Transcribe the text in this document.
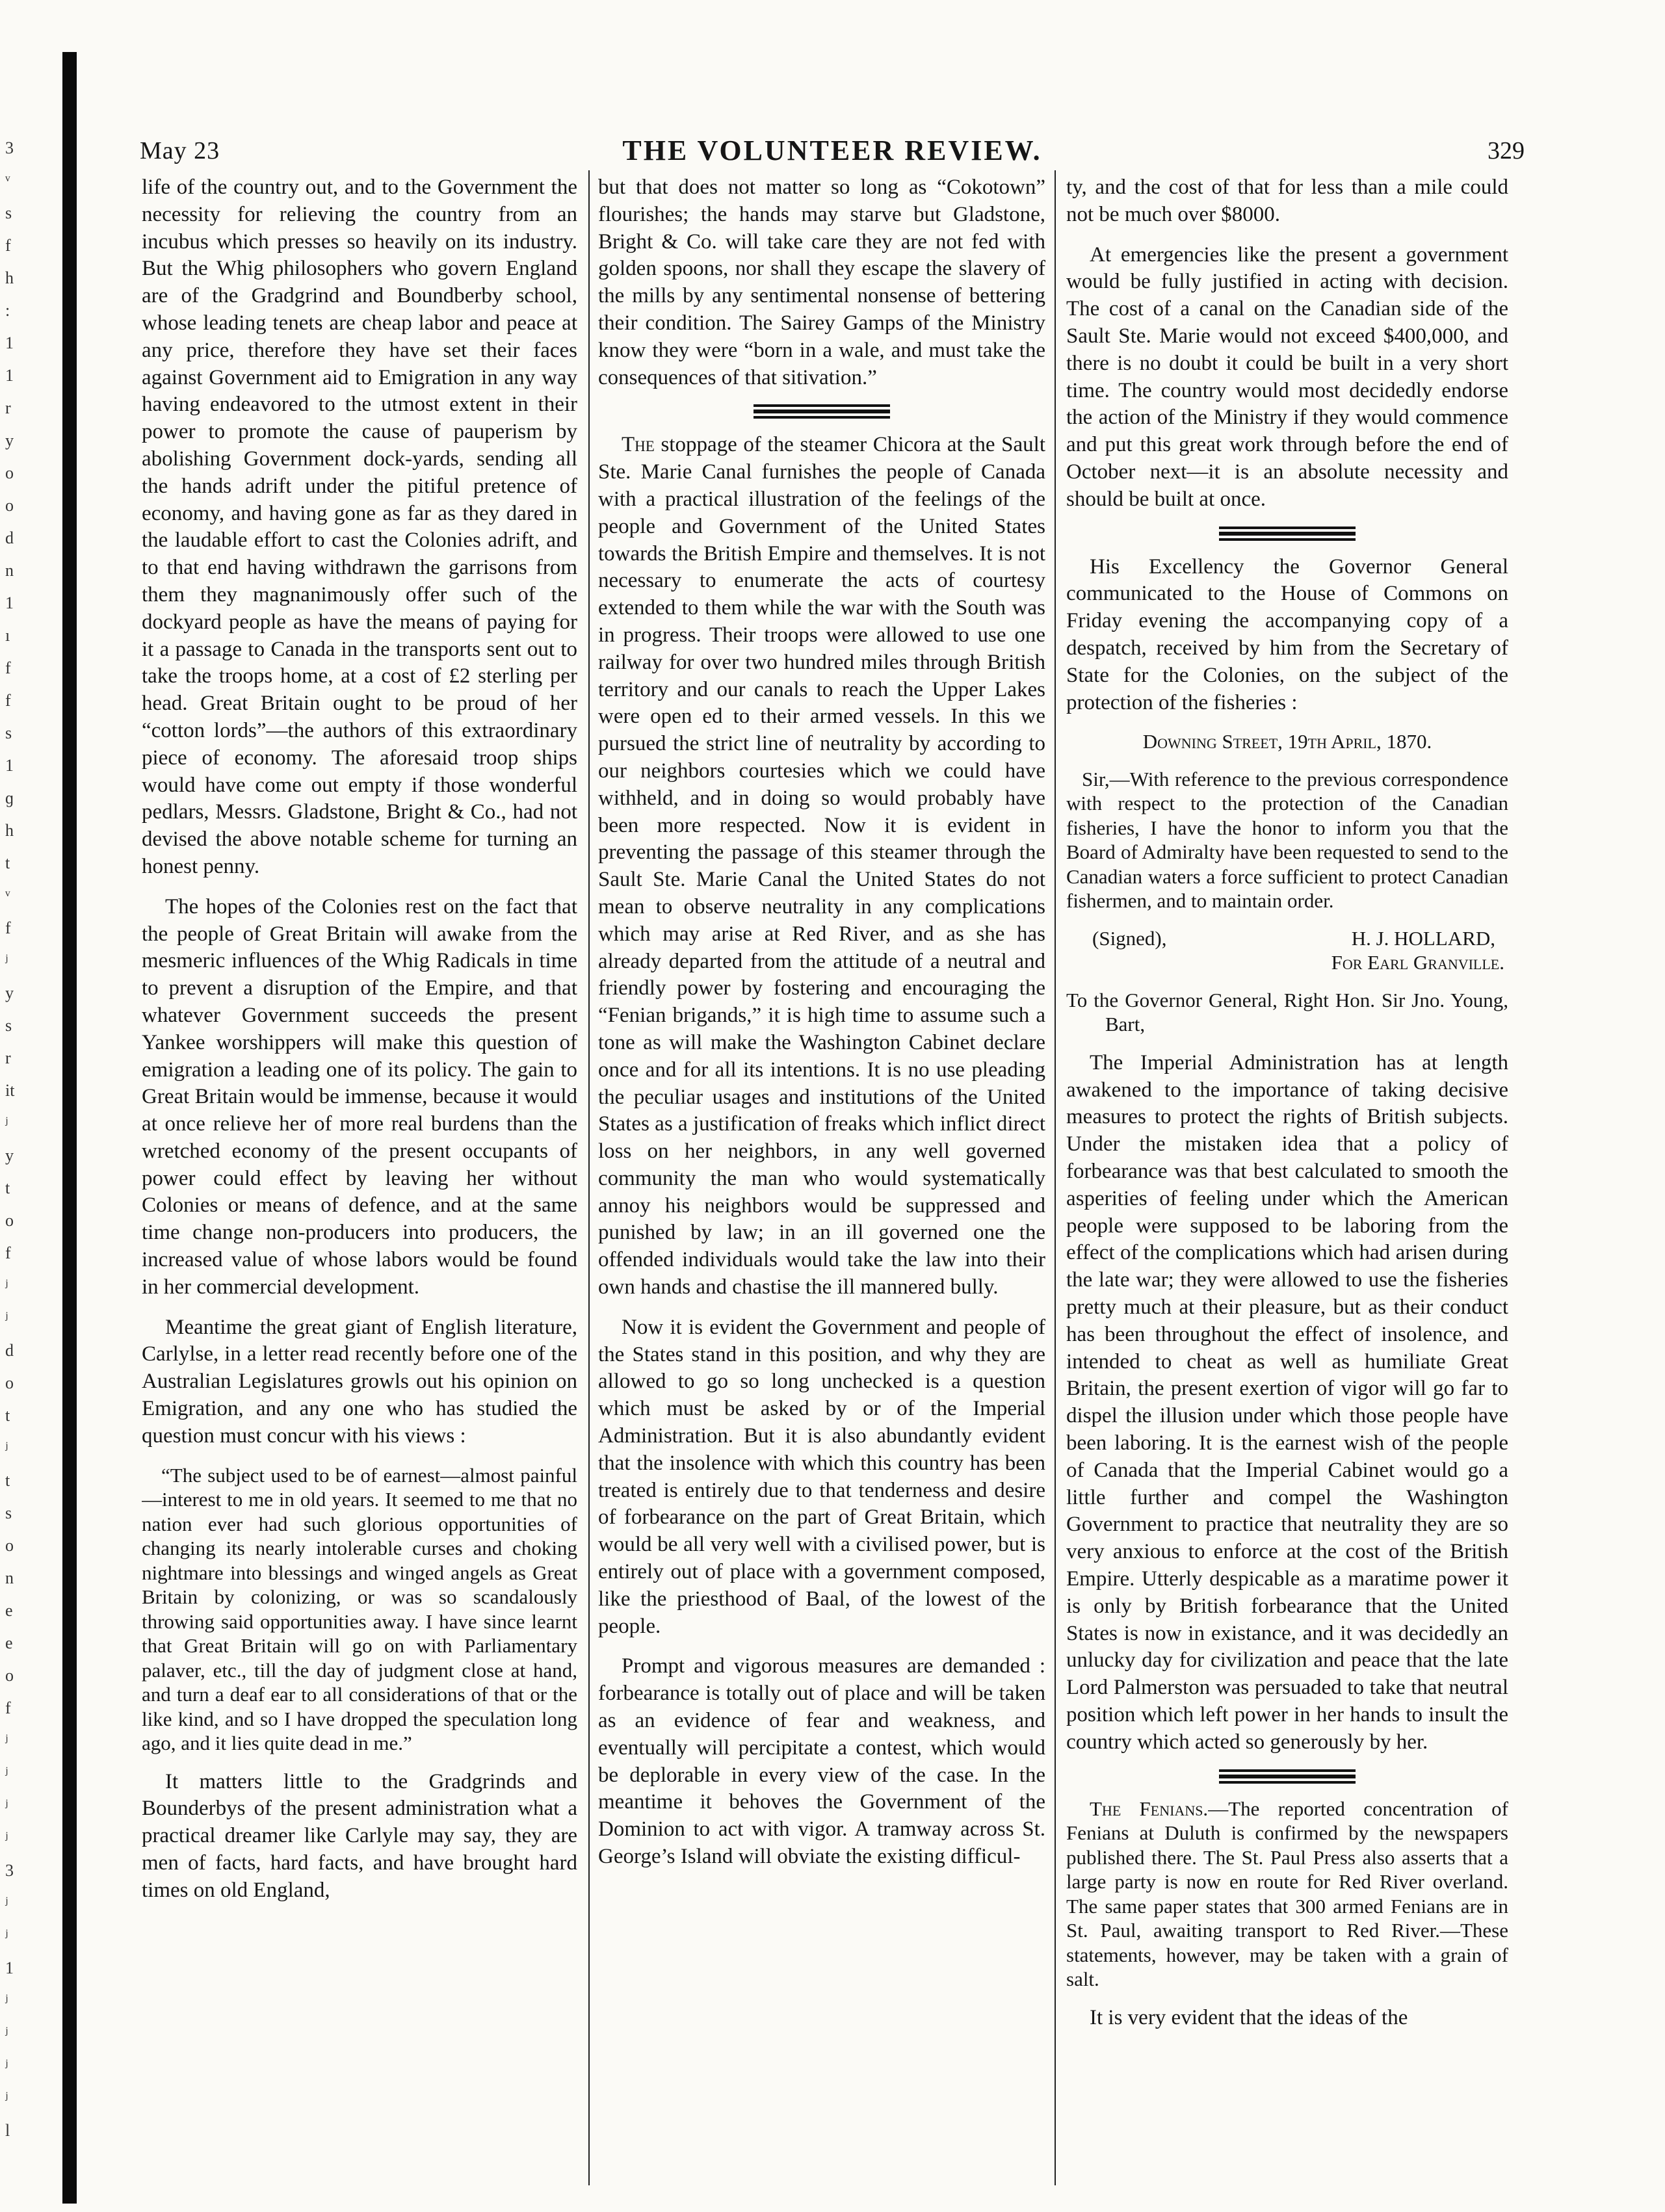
3
ᵛ
s
f
h
:
1
1
r
y
o
o
d
n
1
ı
f
f
s
1
ɡ
h
t
ᵛ
f
ʲ
y
s
r
it
ʲ
y
t
o
f
ʲ
ʲ
d
o
t
ʲ
t
s
o
n
e
e
o
f
ʲ
ʲ
ʲ
ʲ
3
ʲ
ʲ
1
ʲ
ʲ
ʲ
ʲ
l
May 23	THE VOLUNTEER REVIEW.	329

life of the country out, and to the Government the necessity for relieving the country from an incubus which presses so heavily on its industry. But the Whig philosophers who govern England are of the Gradgrind and Boundberby school, whose leading tenets are cheap labor and peace at any price, therefore they have set their faces against Government aid to Emigration in any way having endeavored to the utmost extent in their power to promote the cause of pauperism by abolishing Government dock-yards, sending all the hands adrift under the pitiful pretence of economy, and having gone as far as they dared in the laudable effort to cast the Colonies adrift, and to that end having withdrawn the garrisons from them they magnanimously offer such of the dockyard people as have the means of paying for it a passage to Canada in the transports sent out to take the troops home, at a cost of £2 sterling per head. Great Britain ought to be proud of her “cotton lords”—the authors of this extraordinary piece of economy. The aforesaid troop ships would have come out empty if those wonderful pedlars, Messrs. Gladstone, Bright & Co., had not devised the above notable scheme for turning an honest penny.

The hopes of the Colonies rest on the fact that the people of Great Britain will awake from the mesmeric influences of the Whig Radicals in time to prevent a disruption of the Empire, and that whatever Government succeeds the present Yankee worshippers will make this question of emigration a leading one of its policy. The gain to Great Britain would be immense, because it would at once relieve her of more real burdens than the wretched economy of the present occupants of power could effect by leaving her without Colonies or means of defence, and at the same time change non-producers into producers, the increased value of whose labors would be found in her commercial development.

Meantime the great giant of English literature, Carlylse, in a letter read recently before one of the Australian Legislatures growls out his opinion on Emigration, and any one who has studied the question must concur with his views :

“The subject used to be of earnest—almost painful—interest to me in old years. It seemed to me that no nation ever had such glorious opportunities of changing its nearly intolerable curses and choking nightmare into blessings and winged angels as Great Britain by colonizing, or was so scandalously throwing said opportunities away. I have since learnt that Great Britain will go on with Parliamentary palaver, etc., till the day of judgment close at hand, and turn a deaf ear to all considerations of that or the like kind, and so I have dropped the speculation long ago, and it lies quite dead in me.”

It matters little to the Gradgrinds and Bounderbys of the present administration what a practical dreamer like Carlyle may say, they are men of facts, hard facts, and have brought hard times on old England,

but that does not matter so long as “Cokotown” flourishes; the hands may starve but Gladstone, Bright & Co. will take care they are not fed with golden spoons, nor shall they escape the slavery of the mills by any sentimental nonsense of bettering their condition. The Sairey Gamps of the Ministry know they were “born in a wale, and must take the consequences of that sitivation.”

The stoppage of the steamer Chicora at the Sault Ste. Marie Canal furnishes the people of Canada with a practical illustration of the feelings of the people and Government of the United States towards the British Empire and themselves. It is not necessary to enumerate the acts of courtesy extended to them while the war with the South was in progress. Their troops were allowed to use one railway for over two hundred miles through British territory and our canals to reach the Upper Lakes were open ed to their armed vessels. In this we pursued the strict line of neutrality by according to our neighbors courtesies which we could have withheld, and in doing so would probably have been more respected. Now it is evident in preventing the passage of this steamer through the Sault Ste. Marie Canal the United States do not mean to observe neutrality in any complications which may arise at Red River, and as she has already departed from the attitude of a neutral and friendly power by fostering and encouraging the “Fenian brigands,” it is high time to assume such a tone as will make the Washington Cabinet declare once and for all its intentions. It is no use pleading the peculiar usages and institutions of the United States as a justification of freaks which inflict direct loss on her neighbors, in any well governed community the man who would systematically annoy his neighbors would be suppressed and punished by law; in an ill governed one the offended individuals would take the law into their own hands and chastise the ill mannered bully.

Now it is evident the Government and people of the States stand in this position, and why they are allowed to go so long unchecked is a question which must be asked by or of the Imperial Administration. But it is also abundantly evident that the insolence with which this country has been treated is entirely due to that tenderness and desire of forbearance on the part of Great Britain, which would be all very well with a civilised power, but is entirely out of place with a government composed, like the priesthood of Baal, of the lowest of the people.

Prompt and vigorous measures are demanded : forbearance is totally out of place and will be taken as an evidence of fear and weakness, and eventually will percipitate a contest, which would be deplorable in every view of the case. In the meantime it behoves the Government of the Dominion to act with vigor. A tramway across St. George’s Island will obviate the existing difficul-

ty, and the cost of that for less than a mile could not be much over $8000.

At emergencies like the present a government would be fully justified in acting with decision. The cost of a canal on the Canadian side of the Sault Ste. Marie would not exceed $400,000, and there is no doubt it could be built in a very short time. The country would most decidedly endorse the action of the Ministry if they would commence and put this great work through before the end of October next—it is an absolute necessity and should be built at once.

His Excellency the Governor General communicated to the House of Commons on Friday evening the accompanying copy of a despatch, received by him from the Secretary of State for the Colonies, on the subject of the protection of the fisheries :

Downing Street, 19th April, 1870.

Sir,—With reference to the previous correspondence with respect to the protection of the Canadian fisheries, I have the honor to inform you that the Board of Admiralty have been requested to send to the Canadian waters a force sufficient to protect Canadian fishermen, and to maintain order.

(Signed),	H. J. HOLLARD,

For Earl Granville.

To the Governor General, Right Hon. Sir Jno. Young, Bart,

The Imperial Administration has at length awakened to the importance of taking decisive measures to protect the rights of British subjects. Under the mistaken idea that a policy of forbearance was that best calculated to smooth the asperities of feeling under which the American people were supposed to be laboring from the effect of the complications which had arisen during the late war; they were allowed to use the fisheries pretty much at their pleasure, but as their conduct has been throughout the effect of insolence, and intended to cheat as well as humiliate Great Britain, the present exertion of vigor will go far to dispel the illusion under which those people have been laboring. It is the earnest wish of the people of Canada that the Imperial Cabinet would go a little further and compel the Washington Government to practice that neutrality they are so very anxious to enforce at the cost of the British Empire. Utterly despicable as a maratime power it is only by British forbearance that the United States is now in existance, and it was decidedly an unlucky day for civilization and peace that the late Lord Palmerston was persuaded to take that neutral position which left power in her hands to insult the country which acted so generously by her.

The Fenians.—The reported concentration of Fenians at Duluth is confirmed by the newspapers published there. The St. Paul Press also asserts that a large party is now en route for Red River overland. The same paper states that 300 armed Fenians are in St. Paul, awaiting transport to Red River.—These statements, however, may be taken with a grain of salt.

It is very evident that the ideas of the
